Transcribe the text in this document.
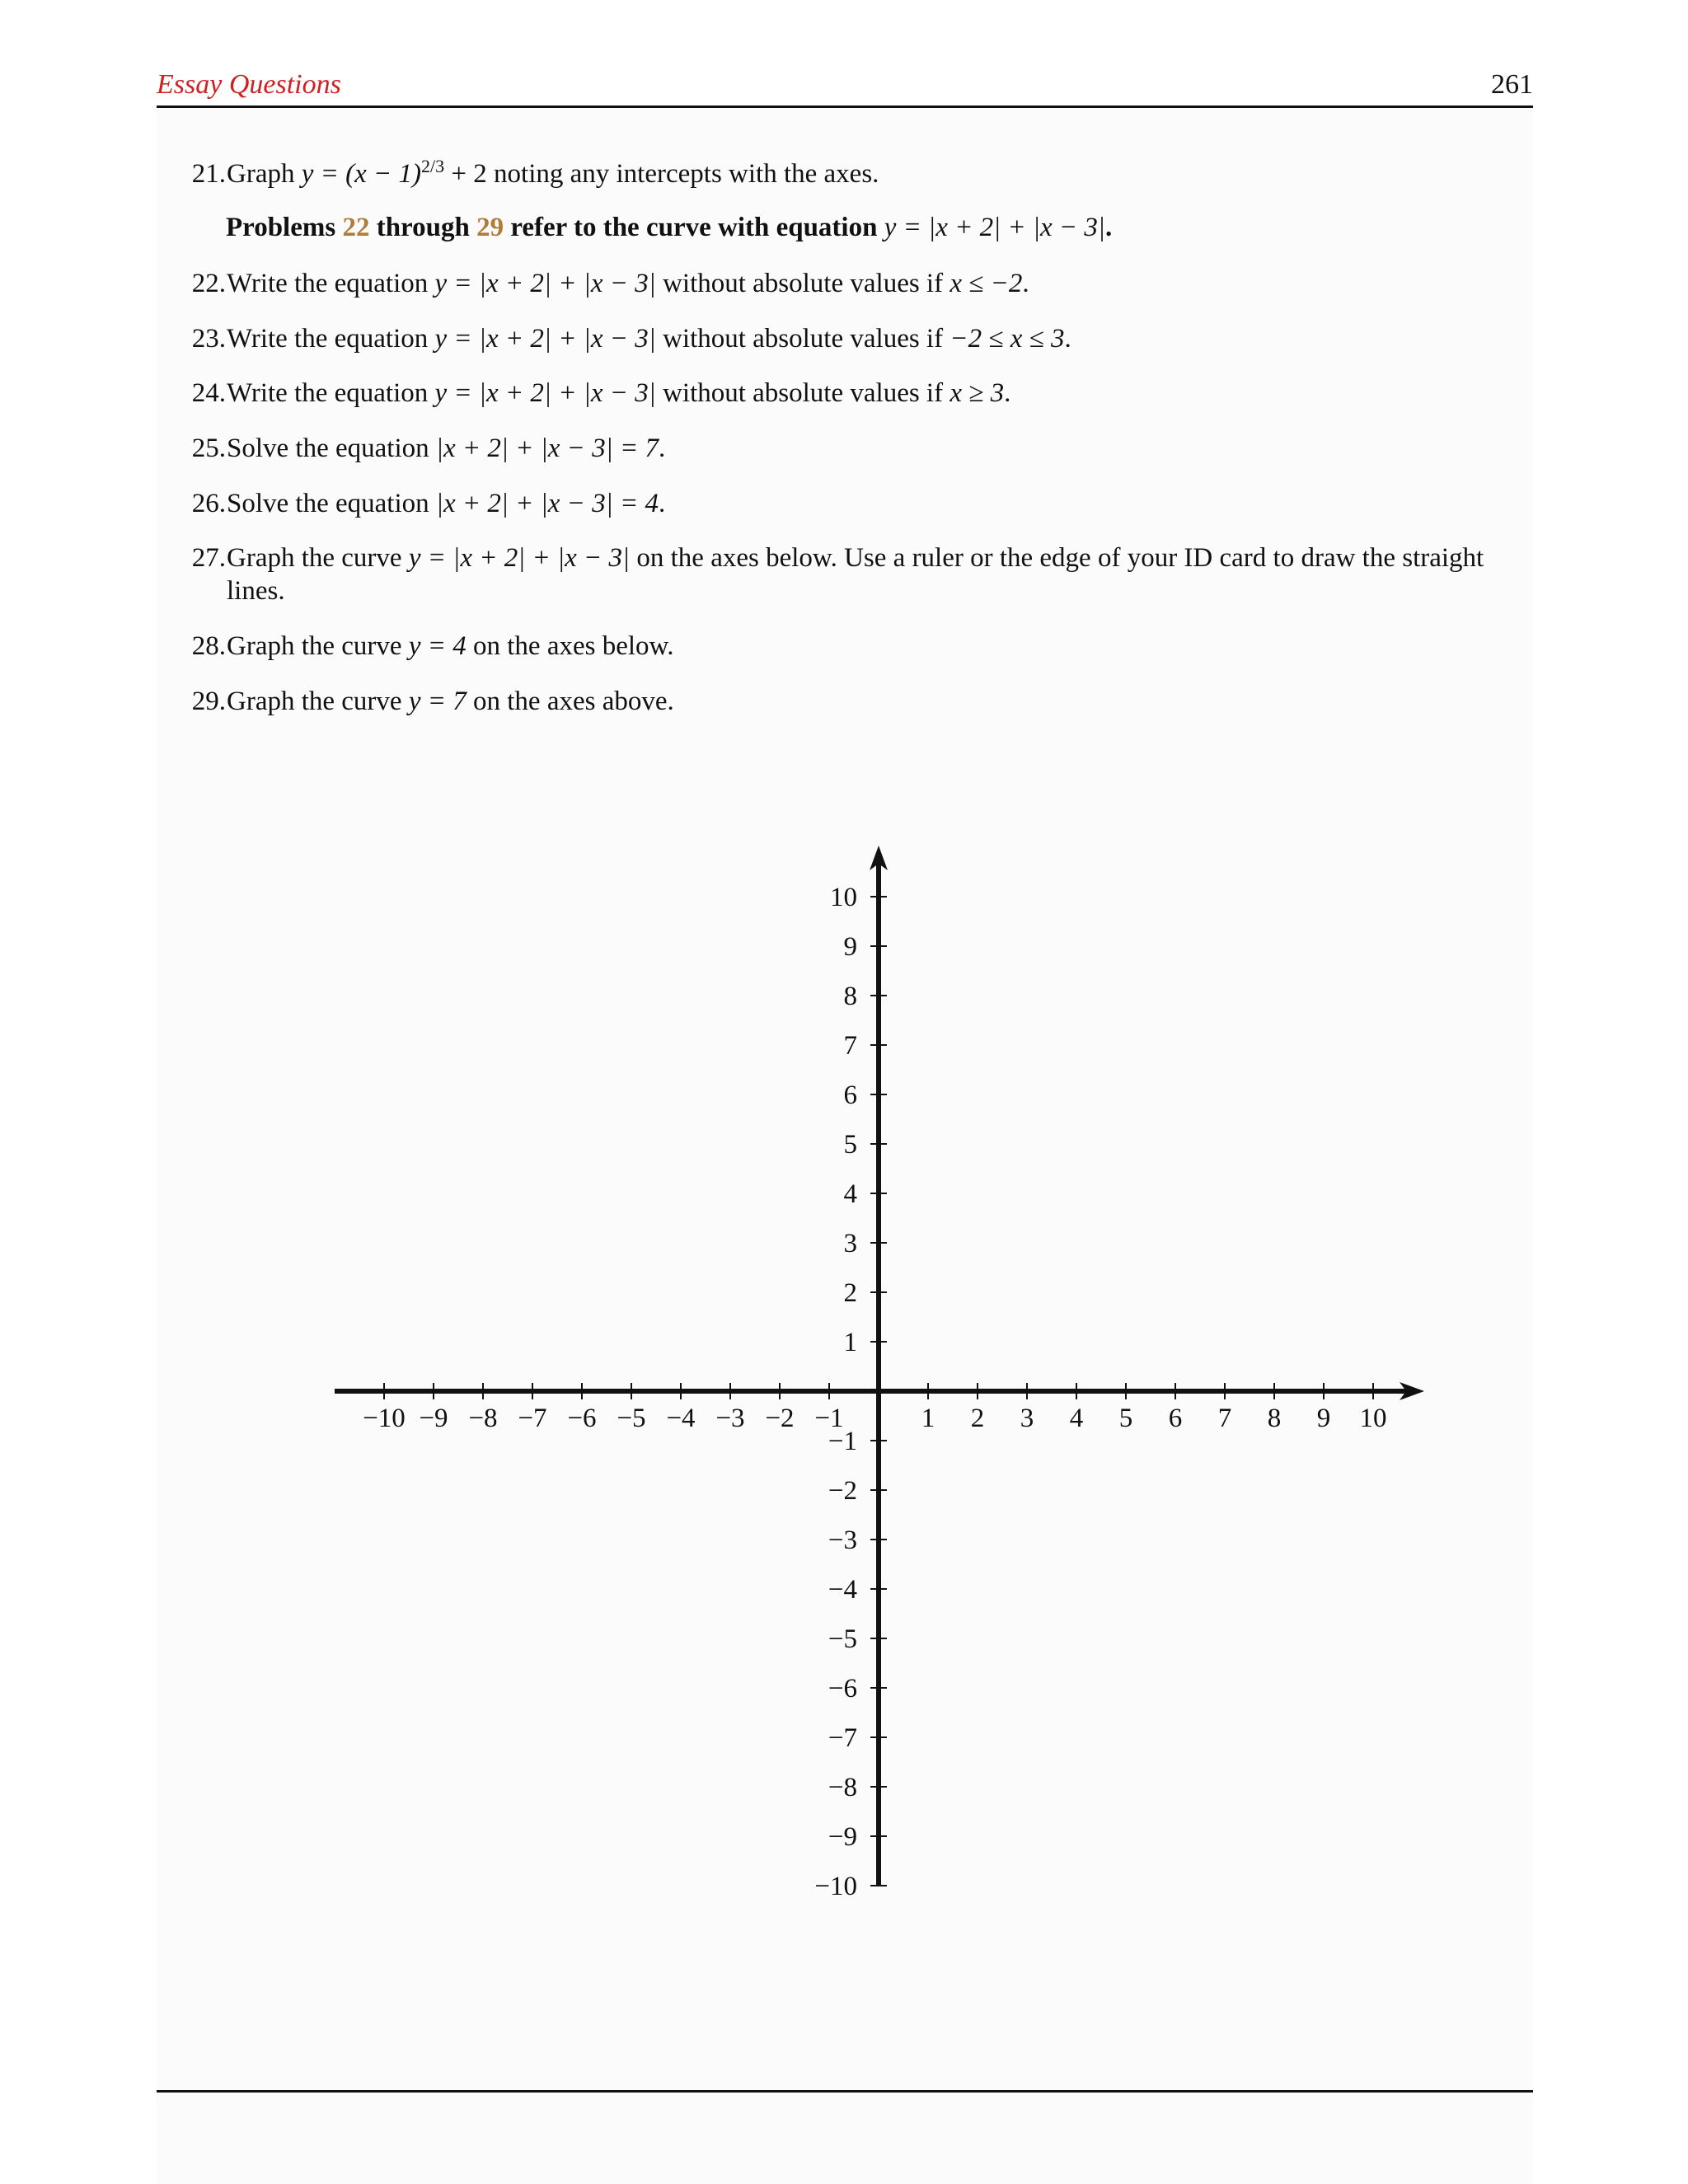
Essay Questions	261
21. Graph $y = (x - 1)^{2/3} + 2$ noting any intercepts with the axes.
Problems 22 through 29 refer to the curve with equation y = |x + 2| + |x − 3|.
22. Write the equation y = |x + 2| + |x − 3| without absolute values if x ≤ −2.
23. Write the equation y = |x + 2| + |x − 3| without absolute values if −2 ≤ x ≤ 3.
24. Write the equation y = |x + 2| + |x − 3| without absolute values if x ≥ 3.
25. Solve the equation |x + 2| + |x − 3| = 7.
26. Solve the equation |x + 2| + |x − 3| = 4.
27. Graph the curve y = |x + 2| + |x − 3| on the axes below. Use a ruler or the edge of your ID card to draw the straight
lines.
28. Graph the curve y = 4 on the axes below.
29. Graph the curve y = 7 on the axes above.
−10 −9 −8 −7 −6 −5 −4 −3 −2 −1	1 2 3 4 5 6 7 8 9 10
−10
−9
−8
−7
−6
−5
−4
−3
−2
−1
1
2
3
4
5
6
7
8
9
10
